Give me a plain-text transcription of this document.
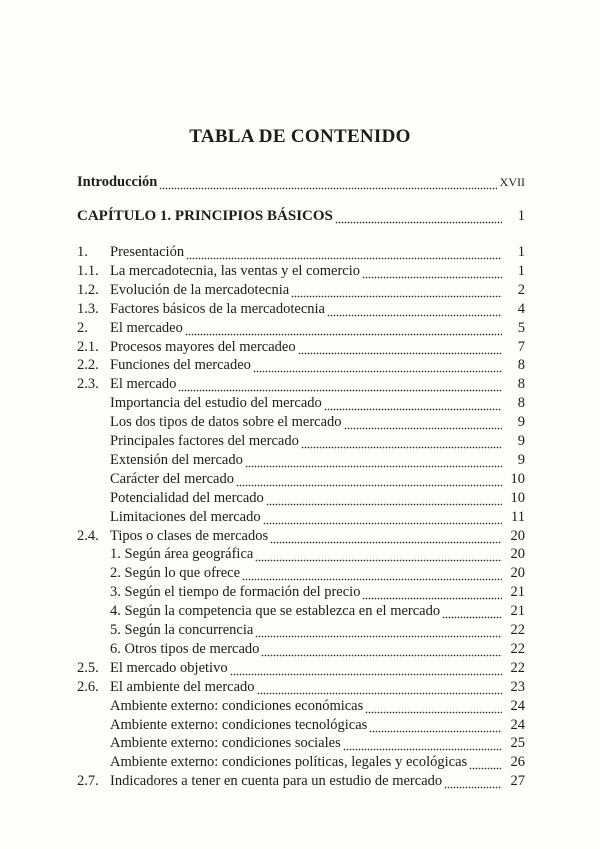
TABLA DE CONTENIDO
Introducción	XVII
CAPÍTULO 1. PRINCIPIOS BÁSICOS	1
1.	Presentación	1
1.1. La mercadotecnia, las ventas y el comercio	1
1.2. Evolución de la mercadotecnia	2
1.3. Factores básicos de la mercadotecnia	4
2.	El mercadeo	5
2.1. Procesos mayores del mercadeo	7
2.2. Funciones del mercadeo	8
2.3. El mercado	8
Importancia del estudio del mercado	8
Los dos tipos de datos sobre el mercado	9
Principales factores del mercado	9
Extensión del mercado	9
Carácter del mercado	10
Potencialidad del mercado	10
Limitaciones del mercado	11
2.4. Tipos o clases de mercados	20
1. Según área geográfica	20
2. Según lo que ofrece	20
3. Según el tiempo de formación del precio	21
4. Según la competencia que se establezca en el mercado	21
5. Según la concurrencia	22
6. Otros tipos de mercado	22
2.5. El mercado objetivo	22
2.6. El ambiente del mercado	23
Ambiente externo: condiciones económicas	24
Ambiente externo: condiciones tecnológicas	24
Ambiente externo: condiciones sociales	25
Ambiente externo: condiciones políticas, legales y ecológicas	26
2.7. Indicadores a tener en cuenta para un estudio de mercado	27
